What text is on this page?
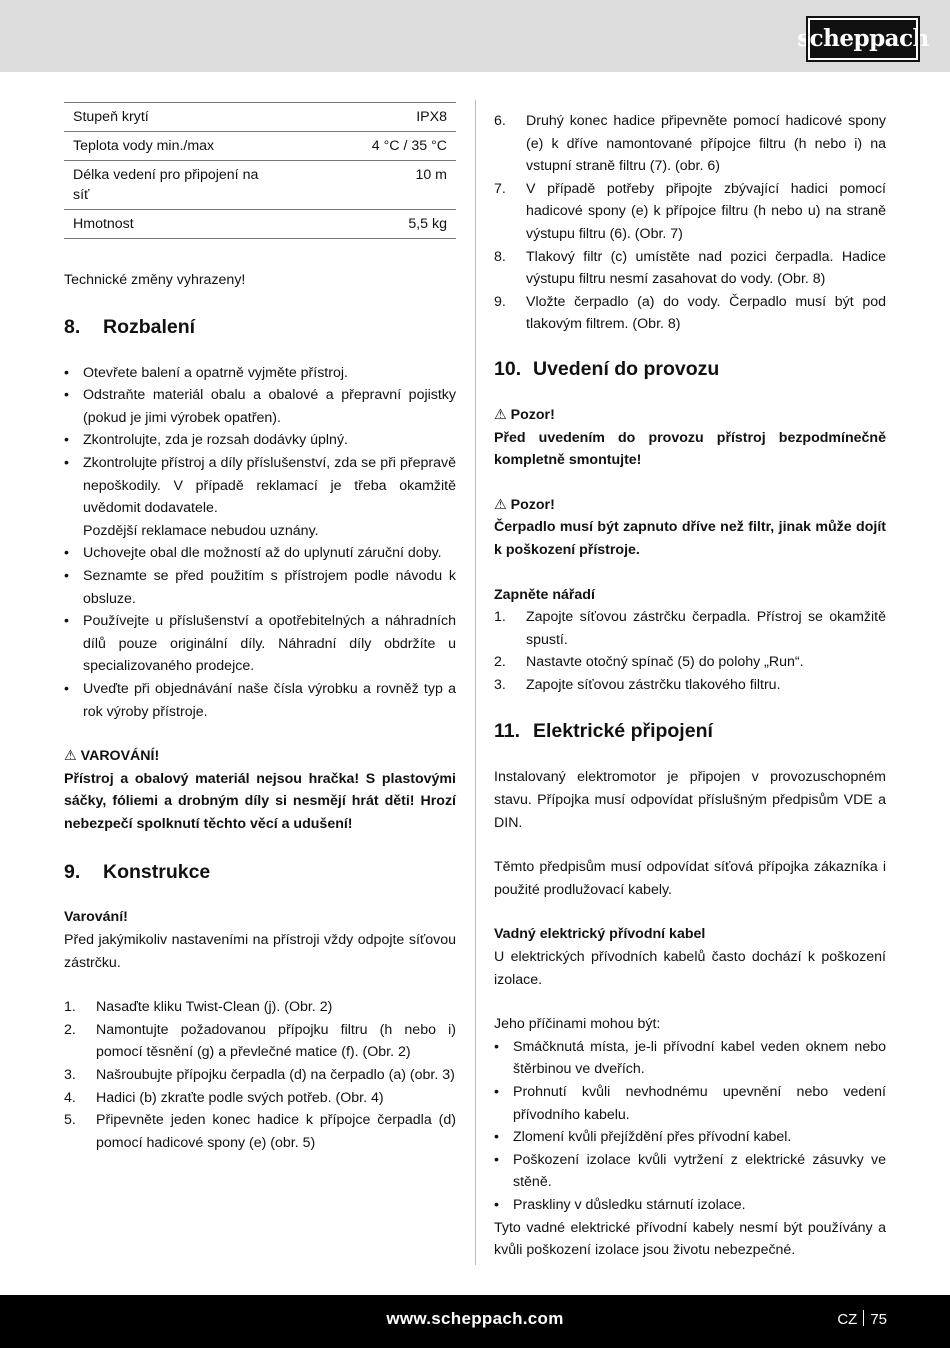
scheppach
Stupeň krytí	IPX8
Teplota vody min./max	4 °C / 35 °C
Délka vedení pro připojení na síť	10 m
Hmotnost	5,5 kg

Technické změny vyhrazeny!

8. Rozbalení
• Otevřete balení a opatrně vyjměte přístroj.
• Odstraňte materiál obalu a obalové a přepravní pojistky (pokud je jimi výrobek opatřen).
• Zkontrolujte, zda je rozsah dodávky úplný.
• Zkontrolujte přístroj a díly příslušenství, zda se při přepravě nepoškodily. V případě reklamací je třeba okamžitě uvědomit dodavatele.
Pozdější reklamace nebudou uznány.
• Uchovejte obal dle možností až do uplynutí záruční doby.
• Seznamte se před použitím s přístrojem podle návodu k obsluze.
• Používejte u příslušenství a opotřebitelných a náhradních dílů pouze originální díly. Náhradní díly obdržíte u specializovaného prodejce.
• Uveďte při objednávání naše čísla výrobku a rovněž typ a rok výroby přístroje.

⚠ VAROVÁNÍ!

Přístroj a obalový materiál nejsou hračka! S plastovými sáčky, fóliemi a drobným díly si nesmějí hrát děti! Hrozí nebezpečí spolknutí těchto věcí a udušení!

9. Konstrukce

Varování!

Před jakýmikoliv nastaveními na přístroji vždy odpojte síťovou zástrčku.

1. Nasaďte kliku Twist-Clean (j). (Obr. 2)
2. Namontujte požadovanou přípojku filtru (h nebo i) pomocí těsnění (g) a převlečné matice (f). (Obr. 2)
3. Našroubujte přípojku čerpadla (d) na čerpadlo (a) (obr. 3)
4. Hadici (b) zkraťte podle svých potřeb. (Obr. 4)
5. Připevněte jeden konec hadice k přípojce čerpadla (d) pomocí hadicové spony (e) (obr. 5)
6. Druhý konec hadice připevněte pomocí hadicové spony (e) k dříve namontované přípojce filtru (h nebo i) na vstupní straně filtru (7). (obr. 6)
7. V případě potřeby připojte zbývající hadici pomocí hadicové spony (e) k přípojce filtru (h nebo u) na straně výstupu filtru (6). (Obr. 7)
8. Tlakový filtr (c) umístěte nad pozici čerpadla. Hadice výstupu filtru nesmí zasahovat do vody. (Obr. 8)
9. Vložte čerpadlo (a) do vody. Čerpadlo musí být pod tlakovým filtrem. (Obr. 8)
10. Uvedení do provozu

⚠ Pozor!

Před uvedením do provozu přístroj bezpodmínečně kompletně smontujte!

⚠ Pozor!

Čerpadlo musí být zapnuto dříve než filtr, jinak může dojít k poškození přístroje.

Zapněte nářadí

1. Zapojte síťovou zástrčku čerpadla. Přístroj se okamžitě spustí.
2. Nastavte otočný spínač (5) do polohy „Run“.
3. Zapojte síťovou zástrčku tlakového filtru.
11. Elektrické připojení

Instalovaný elektromotor je připojen v provozuschopném stavu. Přípojka musí odpovídat příslušným předpisům VDE a DIN.

Těmto předpisům musí odpovídat síťová přípojka zákazníka i použité prodlužovací kabely.

Vadný elektrický přívodní kabel

U elektrických přívodních kabelů často dochází k poškození izolace.

Jeho příčinami mohou být:

• Smáčknutá místa, je-li přívodní kabel veden oknem nebo štěrbinou ve dveřích.
• Prohnutí kvůli nevhodnému upevnění nebo vedení přívodního kabelu.
• Zlomení kvůli přejíždění přes přívodní kabel.
• Poškození izolace kvůli vytržení z elektrické zásuvky ve stěně.
• Praskliny v důsledku stárnutí izolace.

Tyto vadné elektrické přívodní kabely nesmí být používány a kvůli poškození izolace jsou životu nebezpečné.

www.scheppach.com	CZ 75
